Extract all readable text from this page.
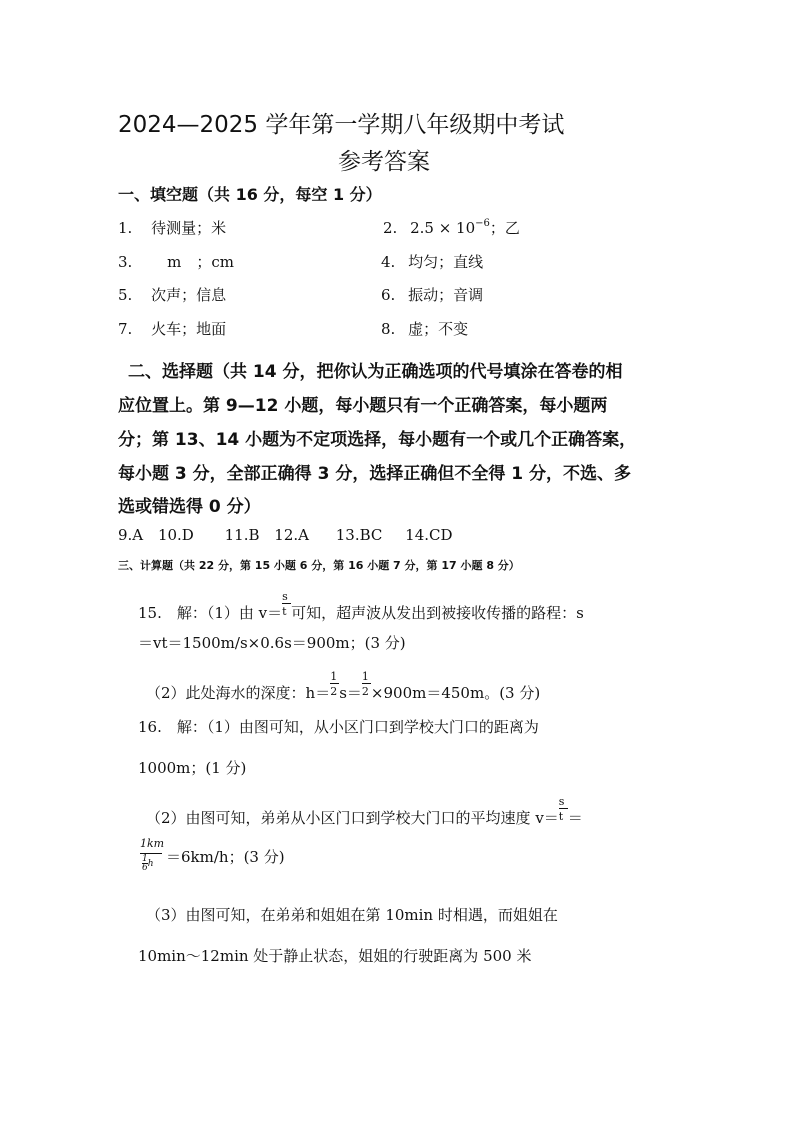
2024—2025 学年第一学期八年级期中考试
参考答案
一、填空题（共 16 分，每空 1 分）
1. 待测量；米	2. $2.5 \times 10^{-6}$；乙
3. m　；cm	4. 均匀；直线
5. 次声；信息	6. 振动；音调
7. 火车；地面	8. 虚；不变
二、选择题（共 14 分，把你认为正确选项的代号填涂在答卷的相
应位置上。第 9—12 小题，每小题只有一个正确答案，每小题两
分；第 13、14 小题为不定项选择，每小题有一个或几个正确答案，
每小题 3 分，全部正确得 3 分，选择正确但不全得 1 分，不选、多
选或错选得 0 分）
9.A 10.D 11.B 12.A 13.BC 14.CD
三、计算题（共 22 分，第 15 小题 6 分，第 16 小题 7 分，第 17 小题 8 分）
15.　解：（1）由 $v= \frac{s}{t}$ 可知，超声波从发出到被接收传播的路程：s
＝vt＝1500m/s×0.6s＝900m；(3 分)
（2）此处海水的深度：$h= \frac{1}{2} s= \frac{1}{2} \times 900m=450m$。(3 分)
16.　解：（1）由图可知，从小区门口到学校大门口的距离为
1000m；(1 分)
（2）由图可知，弟弟从小区门口到学校大门口的平均速度 $v= \frac{s}{t}$ ＝
1km
$\frac{1}{6}$ h ＝6km/h；(3 分)
（3）由图可知，在弟弟和姐姐在第 10min 时相遇，而姐姐在
10min～12min 处于静止状态，姐姐的行驶距离为 500 米
